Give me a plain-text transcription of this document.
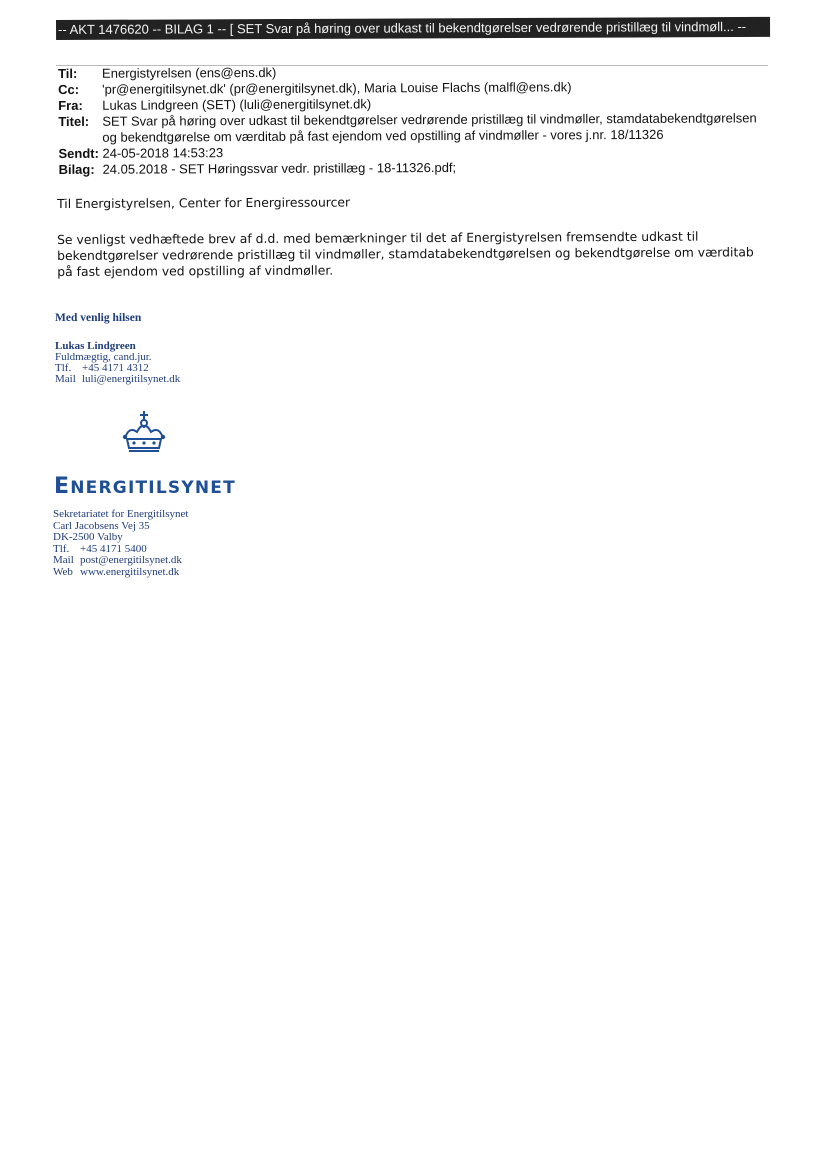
-- AKT 1476620 -- BILAG 1 -- [ SET Svar på høring over udkast til bekendtgørelser vedrørende pristillæg til vindmøll... --
Til:	Energistyrelsen (ens@ens.dk)
Cc:	'pr@energitilsynet.dk' (pr@energitilsynet.dk), Maria Louise Flachs (malfl@ens.dk)
Fra:	Lukas Lindgreen (SET) (luli@energitilsynet.dk)
Titel:	SET Svar på høring over udkast til bekendtgørelser vedrørende pristillæg til vindmøller, stamdatabekendtgørelsen og bekendtgørelse om værditab på fast ejendom ved opstilling af vindmøller - vores j.nr. 18/11326
Sendt: 24-05-2018 14:53:23
Bilag: 24.05.2018 - SET Høringssvar vedr. pristillæg - 18-11326.pdf;
Til Energistyrelsen, Center for Energiressourcer
Se venligst vedhæftede brev af d.d. med bemærkninger til det af Energistyrelsen fremsendte udkast til bekendtgørelser vedrørende pristillæg til vindmøller, stamdatabekendtgørelsen og bekendtgørelse om værditab på fast ejendom ved opstilling af vindmøller.
Med venlig hilsen
Lukas Lindgreen
Fuldmægtig, cand.jur.
Tlf. +45 4171 4312
Mail luli@energitilsynet.dk
ENERGITILSYNET
Sekretariatet for Energitilsynet
Carl Jacobsens Vej 35
DK-2500 Valby
Tlf. +45 4171 5400
Mail post@energitilsynet.dk
Web www.energitilsynet.dk
